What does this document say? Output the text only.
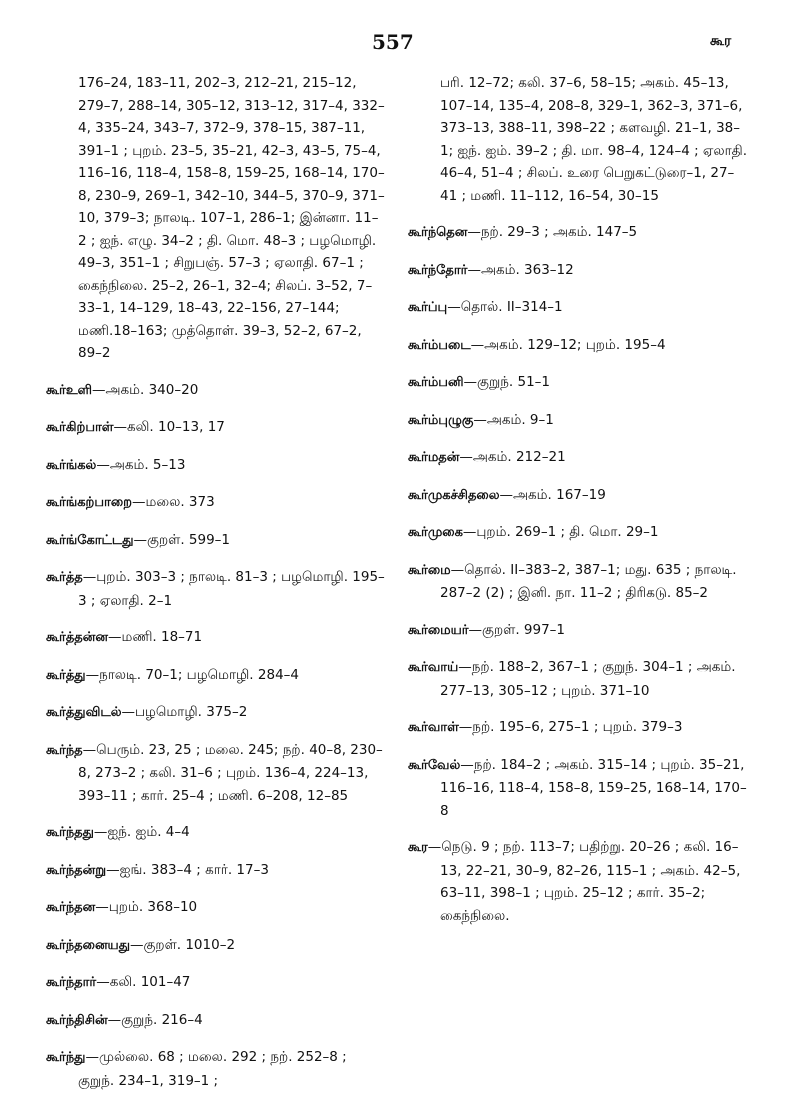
557	கூர
176–24, 183–11, 202–3, 212–21, 215–12, 279–7, 288–14, 305–12, 313–12, 317–4, 332–4, 335–24, 343–7, 372–9, 378–15, 387–11, 391–1 ; புறம். 23–5, 35–21, 42–3, 43–5, 75–4, 116–16, 118–4, 158–8, 159–25, 168–14, 170–8, 230–9, 269–1, 342–10, 344–5, 370–9, 371–10, 379–3; நாலடி. 107–1, 286–1; இன்னா. 11–2 ; ஐந். எழு. 34–2 ; தி. மொ. 48–3 ; பழமொழி. 49–3, 351–1 ; சிறுபஞ். 57–3 ; ஏலாதி. 67–1 ; கைந்நிலை. 25–2, 26–1, 32–4; சிலப். 3–52, 7–33–1, 14–129, 18–43, 22–156, 27–144; மணி.18–163; முத்தொள். 39–3, 52–2, 67–2, 89–2
கூர்உளி—அகம். 340–20
கூர்கிற்பாள்—கலி. 10–13, 17
கூர்ங்கல்—அகம். 5–13
கூர்ங்கற்பாறை—மலை. 373
கூர்ங்கோட்டது—குறள். 599–1
கூர்த்த—புறம். 303–3 ; நாலடி. 81–3 ; பழமொழி. 195–3 ; ஏலாதி. 2–1
கூர்த்தன்ன—மணி. 18–71
கூர்த்து—நாலடி. 70–1; பழமொழி. 284–4
கூர்த்துவிடல்—பழமொழி. 375–2
கூர்ந்த—பெரும். 23, 25 ; மலை. 245; நற். 40–8, 230–8, 273–2 ; கலி. 31–6 ; புறம். 136–4, 224–13, 393–11 ; கார். 25–4 ; மணி. 6–208, 12–85
கூர்ந்தது—ஐந். ஐம். 4–4
கூர்ந்தன்று—ஐங். 383–4 ; கார். 17–3
கூர்ந்தன—புறம். 368–10
கூர்ந்தனையது—குறள். 1010–2
கூர்ந்தார்—கலி. 101–47
கூர்ந்திசின்—குறுந். 216–4
கூர்ந்து—முல்லை. 68 ; மலை. 292 ; நற். 252–8 ; குறுந். 234–1, 319–1 ;
பரி. 12–72; கலி. 37–6, 58–15; அகம். 45–13, 107–14, 135–4, 208–8, 329–1, 362–3, 371–6, 373–13, 388–11, 398–22 ; களவழி. 21–1, 38–1; ஐந். ஐம். 39–2 ; தி. மா. 98–4, 124–4 ; ஏலாதி. 46–4, 51–4 ; சிலப். உரை பெறுகட்டுரை–1, 27–41 ; மணி. 11–112, 16–54, 30–15
கூர்ந்தென—நற். 29–3 ; அகம். 147–5
கூர்ந்தோர்—அகம். 363–12
கூர்ப்பு—தொல். II–314–1
கூர்ம்படை—அகம். 129–12; புறம். 195–4
கூர்ம்பனி—குறுந். 51–1
கூர்ம்புழுகு—அகம். 9–1
கூர்மதன்—அகம். 212–21
கூர்முகச்சிதலை—அகம். 167–19
கூர்முகை—புறம். 269–1 ; தி. மொ. 29–1
கூர்மை—தொல். II–383–2, 387–1; மது. 635 ; நாலடி. 287–2 (2) ; இனி. நா. 11–2 ; திரிகடு. 85–2
கூர்மையர்—குறள். 997–1
கூர்வாய்—நற். 188–2, 367–1 ; குறுந். 304–1 ; அகம். 277–13, 305–12 ; புறம். 371–10
கூர்வாள்—நற். 195–6, 275–1 ; புறம். 379–3
கூர்வேல்—நற். 184–2 ; அகம். 315–14 ; புறம். 35–21, 116–16, 118–4, 158–8, 159–25, 168–14, 170–8
கூர—நெடு. 9 ; நற். 113–7; பதிற்று. 20–26 ; கலி. 16–13, 22–21, 30–9, 82–26, 115–1 ; அகம். 42–5, 63–11, 398–1 ; புறம். 25–12 ; கார். 35–2; கைந்நிலை.
